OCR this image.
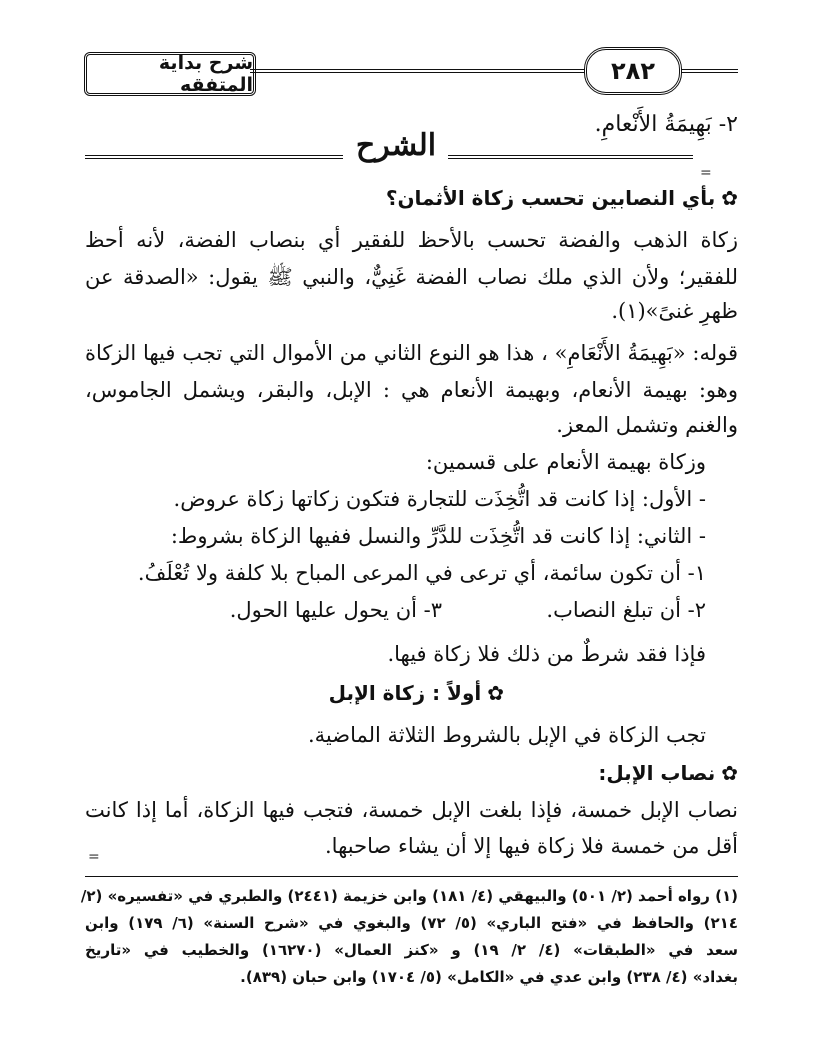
شرح بداية المتفقه	٢٨٢
٢- بَهِيمَةُ الأَنْعامِ.
الشرح
=
✿
بأي النصابين تحسب زكاة الأثمان؟
زكاة الذهب والفضة تحسب بالأحظ للفقير أي بنصاب الفضة، لأنه أحظ
للفقير؛ ولأن الذي ملك نصاب الفضة غَنِيٌّ، والنبي ﷺ يقول: «الصدقة عن
ظهرِ غنىً»(١).
قوله: «بَهِيمَةُ الأَنْعَامِ» ، هذا هو النوع الثاني من الأموال التي تجب فيها الزكاة
وهو: بهيمة الأنعام، وبهيمة الأنعام هي : الإبل، والبقر، ويشمل الجاموس،
والغنم وتشمل المعز.
وزكاة بهيمة الأنعام على قسمين:
- الأول: إذا كانت قد اتُّخِذَت للتجارة فتكون زكاتها زكاة عروض.
- الثاني: إذا كانت قد اتُّخِذَت للدَّرِّ والنسل ففيها الزكاة بشروط:
١- أن تكون سائمة، أي ترعى في المرعى المباح بلا كلفة ولا تُعْلَفُ.
٢- أن تبلغ النصاب.
٣- أن يحول عليها الحول.
فإذا فقد شرطٌ من ذلك فلا زكاة فيها.
✿
أولاً : زكاة الإبل
تجب الزكاة في الإبل بالشروط الثلاثة الماضية.
✿
نصاب الإبل:
نصاب الإبل خمسة، فإذا بلغت الإبل خمسة، فتجب فيها الزكاة، أما إذا كانت
أقل من خمسة فلا زكاة فيها إلا أن يشاء صاحبها.
=
(١) رواه أحمد (٢/ ٥٠١) والبيهقي (٤/ ١٨١) وابن خزيمة (٢٤٤١) والطبري في «تفسيره» (٢/
٢١٤) والحافظ في «فتح الباري» (٥/ ٧٢) والبغوي في «شرح السنة» (٦/ ١٧٩) وابن
سعد في «الطبقات» (٤/ ٢/ ١٩) و «كنز العمال» (١٦٢٧٠) والخطيب في «تاريخ
بغداد» (٤/ ٢٣٨) وابن عدي في «الكامل» (٥/ ١٧٠٤) وابن حبان (٨٣٩).
